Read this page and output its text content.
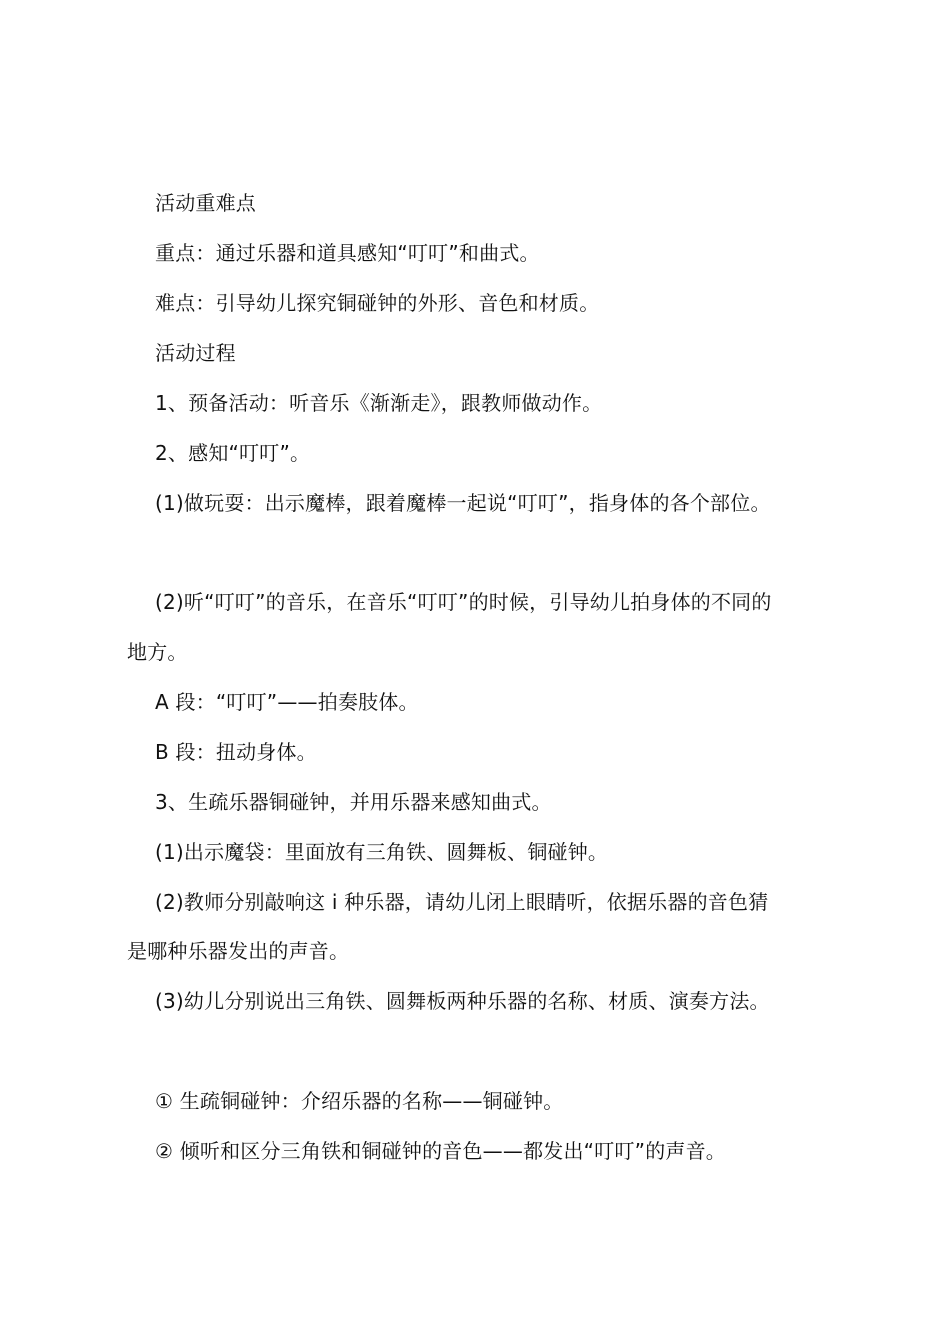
活动重难点
重点：通过乐器和道具感知“叮叮”和曲式。
难点：引导幼儿探究铜碰钟的外形、音色和材质。
活动过程
1、预备活动：听音乐《渐渐走》，跟教师做动作。
2、感知“叮叮”。
(1)做玩耍：出示魔棒，跟着魔棒一起说“叮叮”，指身体的各个部位。
(2)听“叮叮”的音乐，在音乐“叮叮”的时候，引导幼儿拍身体的不同的
地方。
A 段：“叮叮”——拍奏肢体。
B 段：扭动身体。
3、生疏乐器铜碰钟，并用乐器来感知曲式。
(1)出示魔袋：里面放有三角铁、圆舞板、铜碰钟。
(2)教师分别敲响这 i 种乐器，请幼儿闭上眼睛听，依据乐器的音色猜
是哪种乐器发出的声音。
(3)幼儿分别说出三角铁、圆舞板两种乐器的名称、材质、演奏方法。
① 生疏铜碰钟：介绍乐器的名称——铜碰钟。
② 倾听和区分三角铁和铜碰钟的音色——都发出“叮叮”的声音。
